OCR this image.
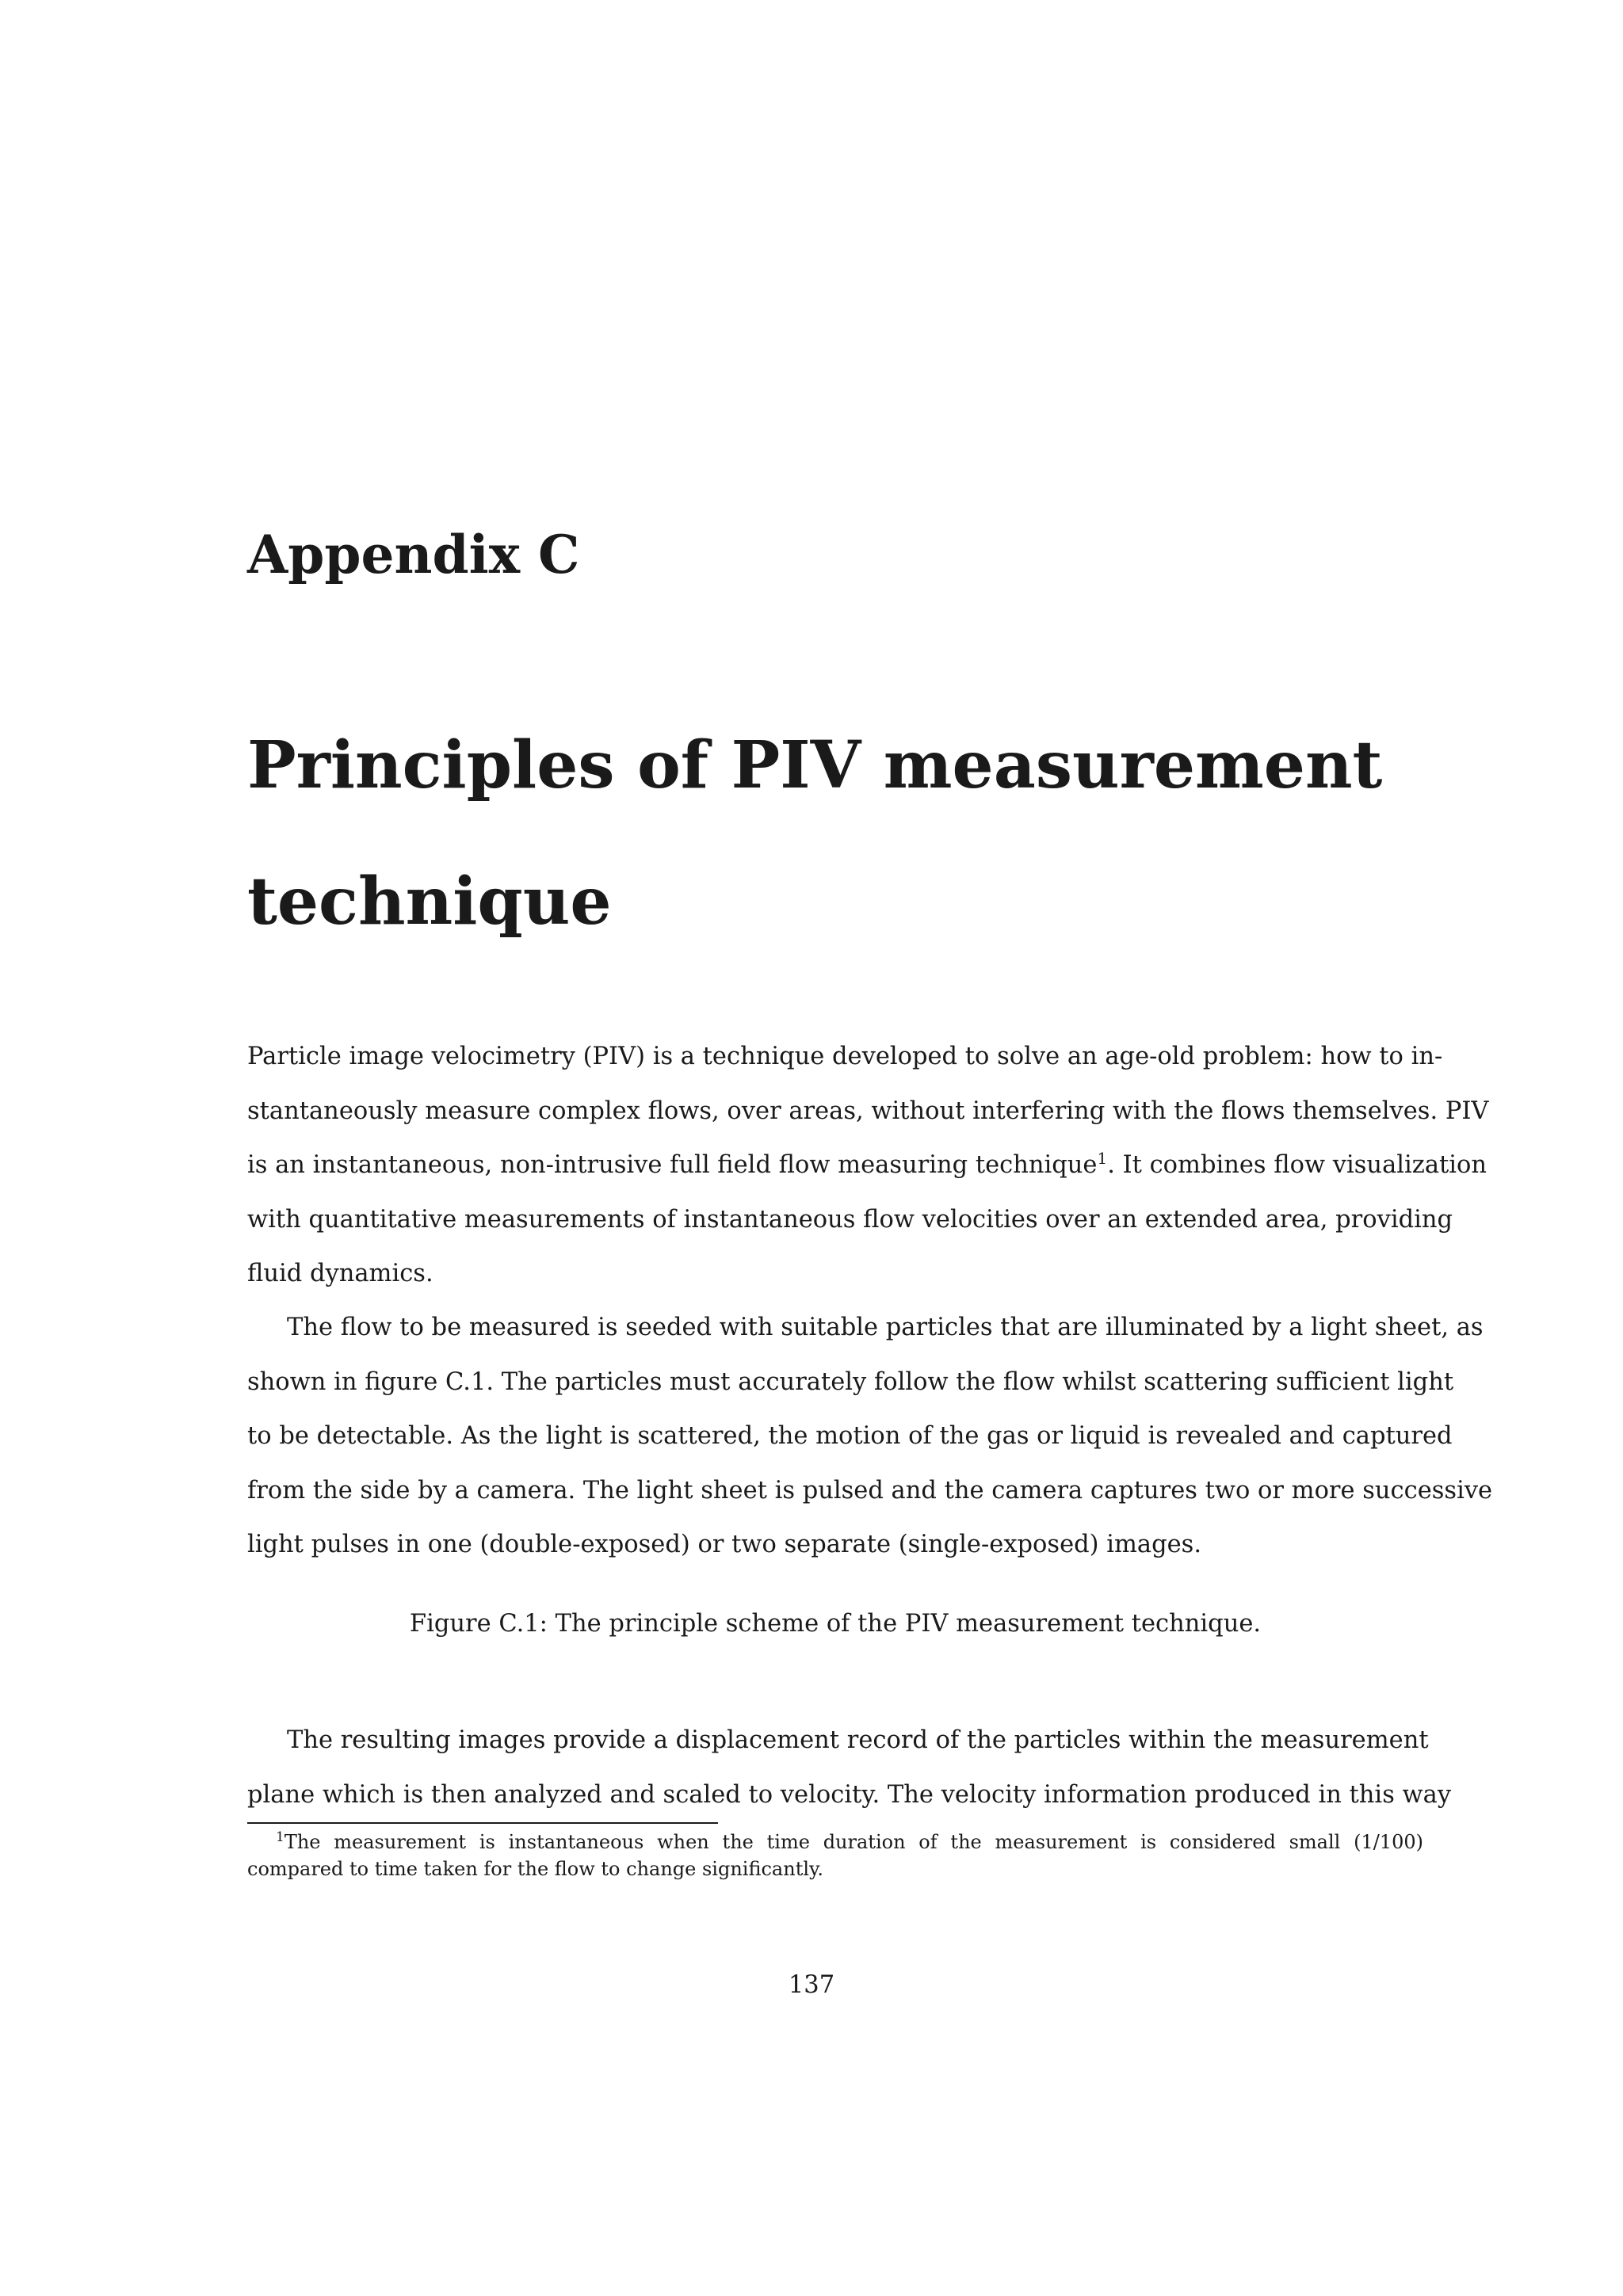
Appendix C
Principles of PIV measurement
technique
Particle image velocimetry (PIV) is a technique developed to solve an age-old problem: how to in-
stantaneously measure complex flows, over areas, without interfering with the flows themselves. PIV
is an instantaneous, non-intrusive full field flow measuring technique$^1$. It combines flow visualization
with quantitative measurements of instantaneous flow velocities over an extended area, providing
fluid dynamics.
The flow to be measured is seeded with suitable particles that are illuminated by a light sheet, as
shown in figure C.1. The particles must accurately follow the flow whilst scattering sufficient light
to be detectable. As the light is scattered, the motion of the gas or liquid is revealed and captured
from the side by a camera. The light sheet is pulsed and the camera captures two or more successive
light pulses in one (double-exposed) or two separate (single-exposed) images.
Figure C.1: The principle scheme of the PIV measurement technique.
The resulting images provide a displacement record of the particles within the measurement
plane which is then analyzed and scaled to velocity. The velocity information produced in this way
$^1$The measurement is instantaneous when the time duration of the measurement is considered small (1/100)
compared to time taken for the flow to change significantly.
137
